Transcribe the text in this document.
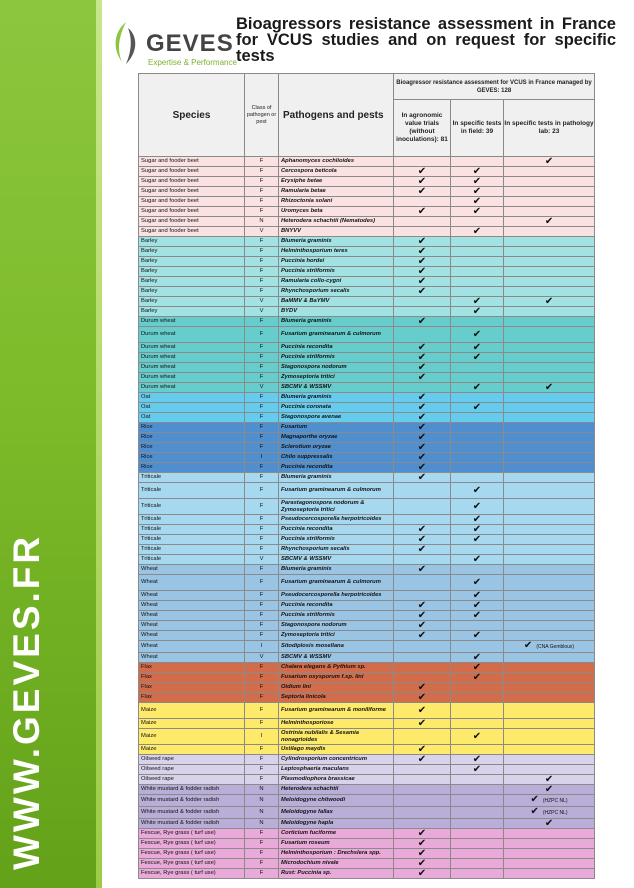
WWW.GEVES.FR
GEVES
Expertise & Performance
Bioagressors resistance assessment in France for VCUS studies and on request for specific tests
Species	Class of pathogen or pest	Pathogens and pests	Bioagressor resistance assessment for VCUS in France managed by GEVES: 128		
			In agronomic value trials (without inoculations): 81	In specific tests in field: 39	In specific tests in pathology lab: 23
Sugar and fooder beet	F	Aphanomyces cochlioides			✔
Sugar and fooder beet	F	Cercospora beticola	✔	✔	
Sugar and fooder beet	F	Erysiphe betae	✔	✔	
Sugar and fooder beet	F	Ramularia betae	✔	✔	
Sugar and fooder beet	F	Rhizoctonia solani		✔	
Sugar and fooder beet	F	Uromyces beta	✔	✔	
Sugar and fooder beet	N	Heterodera schachtii (Nematodes)			✔
Sugar and fooder beet	V	BNYVV		✔	
Barley	F	Blumeria graminis	✔		
Barley	F	Helminthosporium teres	✔		
Barley	F	Puccinia hordei	✔		
Barley	F	Puccinia striiformis	✔		
Barley	F	Ramularia collo-cygni	✔		
Barley	F	Rhynchosporium secalis	✔		
Barley	V	BaMMV & BaYMV		✔	✔
Barley	V	BYDV		✔	
Durum wheat	F	Blumeria graminis	✔		
Durum wheat	F	Fusarium graminearum & culmorum		✔	
Durum wheat	F	Puccinia recondita	✔	✔	
Durum wheat	F	Puccinia striiformis	✔	✔	
Durum wheat	F	Stagonospora nodorum	✔		
Durum wheat	F	Zymoseptoria tritici	✔		
Durum wheat	V	SBCMV & WSSMV		✔	✔
Oat	F	Blumeria graminis	✔		
Oat	F	Puccinia coronata	✔	✔	
Oat	F	Stagonospora avenae	✔		
Rice	F	Fusarium	✔		
Rice	F	Magnaporthe oryzae	✔		
Rice	F	Sclerotium oryzae	✔		
Rice	I	Chilo suppressalis	✔		
Rice	F	Puccinia reconditа	✔		
Triticale	F	Blumeria graminis	✔		
Triticale	F	Fusarium graminearum & culmorum		✔	
Triticale	F	Parastagonospora nodorum & Zymoseptoria tritici		✔	
Triticale	F	Pseudocercosporella herpotricoides		✔	
Triticale	F	Puccinia reconditа	✔	✔	
Triticale	F	Puccinia striiformis	✔	✔	
Triticale	F	Rhynchosporium secalis	✔		
Triticale	V	SBCMV & WSSMV		✔	
Wheat	F	Blumeria graminis	✔		
Wheat	F	Fusarium graminearum & culmorum		✔	
Wheat	F	Pseudocercosporella herpotricoides		✔	
Wheat	F	Puccinia reconditа	✔	✔	
Wheat	F	Puccinia striiformis	✔	✔	
Wheat	F	Stagonospora nodorum	✔		
Wheat	F	Zymoseptoria tritici	✔	✔	
Wheat	I	Sitodiplosis mosellana			✔ (CNA Gembloux)
Wheat	V	SBCMV & WSSMV		✔	
Flax	F	Chalara elegans & Pythium sp.		✔	
Flax	F	Fusarium oxysporum f.sp. lini		✔	
Flax	F	Oidium lini	✔		
Flax	F	Septoria linicola	✔		
Maize	F	Fusarium graminearum & moniliforme	✔		
Maize	F	Helminthosporiose	✔		
Maize	I	Ostrinia nubilalis & Sesamia nonagrioides		✔	
Maize	F	Ustilago maydis	✔		
Oilseed rape	F	Cylindrosporium concentricum	✔	✔	
Oilseed rape	F	Leptosphaeria maculans		✔	
Oilseed rape	F	Plasmodiophora brassicae			✔
White mustard & fodder radish	N	Heterodera schachtii			✔
White mustard & fodder radish	N	Meloidogyne chitwoodi			✔ (HZPC NL)
White mustard & fodder radish	N	Meloidogyne fallax			✔ (HZPC NL)
White mustard & fodder radish	N	Meloidogyne hapla			✔
Fescue, Rye grass ( turf use)	F	Corticium fuciforme	✔		
Fescue, Rye grass ( turf use)	F	Fusarium roseum	✔		
Fescue, Rye grass ( turf use)	F	Helminthosporium : Drechslera spp.	✔		
Fescue, Rye grass ( turf use)	F	Microdochium nivale	✔		
Fescue, Rye grass ( turf use)	F	Rust: Puccinia sp.	✔		
